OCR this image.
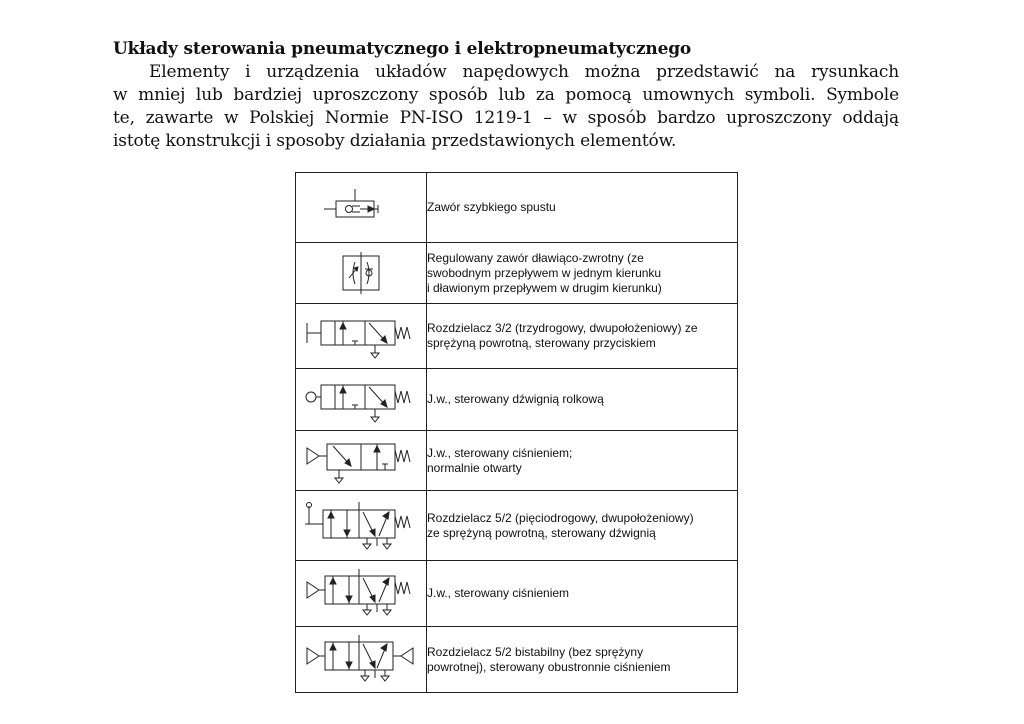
Układy sterowania pneumatycznego i elektropneumatycznego

Elementy i urządzenia układów napędowych można przedstawić na rysunkach
w mniej lub bardziej uproszczony sposób lub za pomocą umownych symboli. Symbole
te, zawarte w Polskiej Normie PN-ISO 1219-1 – w sposób bardzo uproszczony oddają
istotę konstrukcji i sposoby działania przedstawionych elementów.

Zawór szybkiego spustu

Regulowany zawór dławiąco-zwrotny (ze
swobodnym przepływem w jednym kierunku
i dławionym przepływem w drugim kierunku)

Rozdzielacz 3/2 (trzydrogowy, dwupołożeniowy) ze
sprężyną powrotną, sterowany przyciskiem

J.w., sterowany dźwignią rolkową

J.w., sterowany ciśnieniem;
normalnie otwarty

Rozdzielacz 5/2 (pięciodrogowy, dwupołożeniowy)
ze sprężyną powrotną, sterowany dźwignią

J.w., sterowany ciśnieniem

Rozdzielacz 5/2 bistabilny (bez sprężyny
powrotnej), sterowany obustronnie ciśnieniem
